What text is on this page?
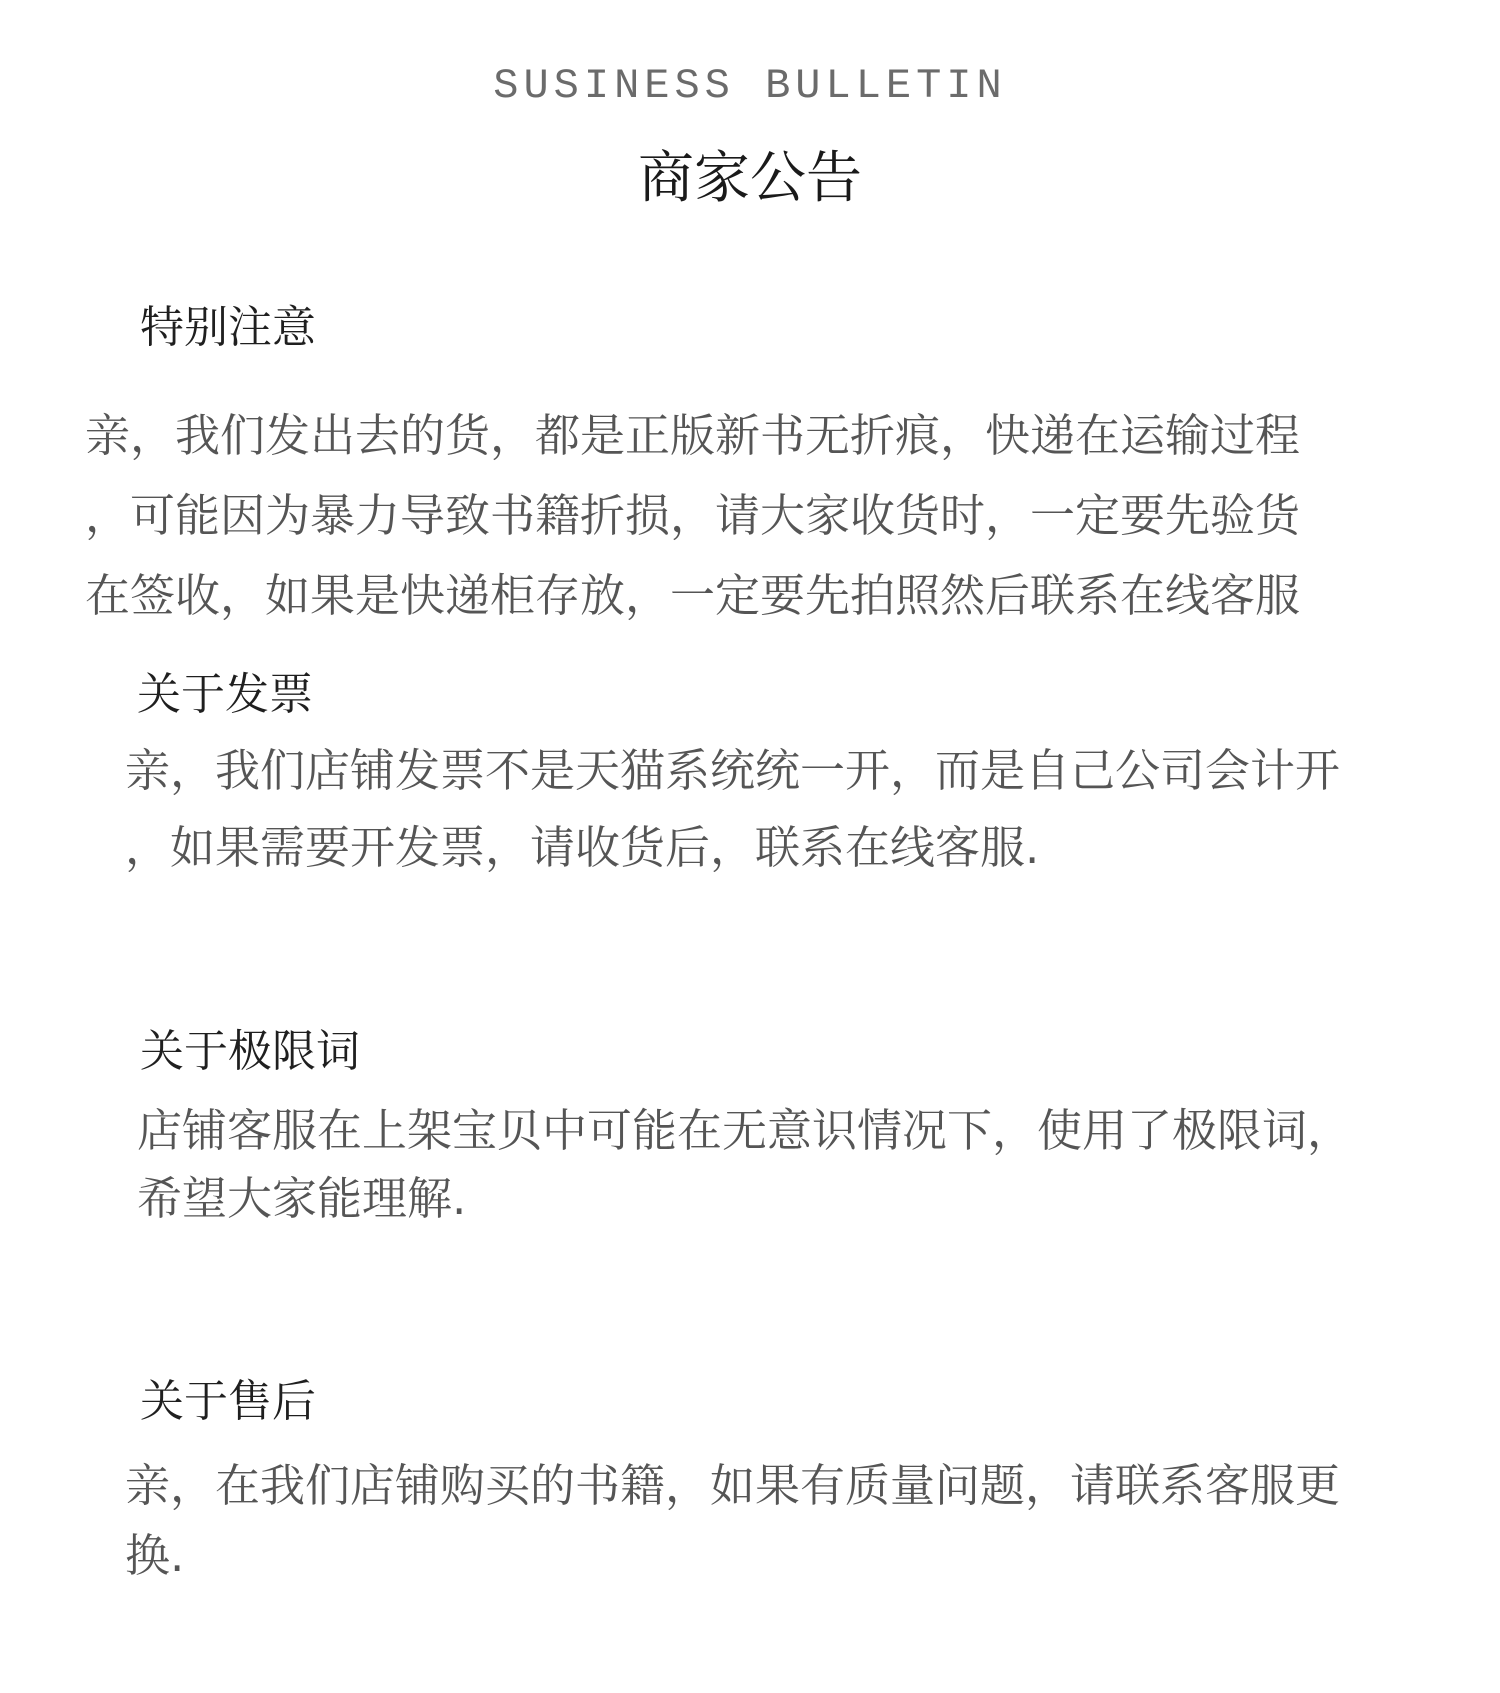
SUSINESS BULLETIN
商家公告
特别注意
亲，我们发出去的货，都是正版新书无折痕，快递在运输过程
，可能因为暴力导致书籍折损，请大家收货时，一定要先验货
在签收，如果是快递柜存放，一定要先拍照然后联系在线客服
关于发票
亲，我们店铺发票不是天猫系统统一开，而是自己公司会计开
，如果需要开发票，请收货后，联系在线客服.
关于极限词
店铺客服在上架宝贝中可能在无意识情况下，使用了极限词，
希望大家能理解.
关于售后
亲，在我们店铺购买的书籍，如果有质量问题，请联系客服更
换.
